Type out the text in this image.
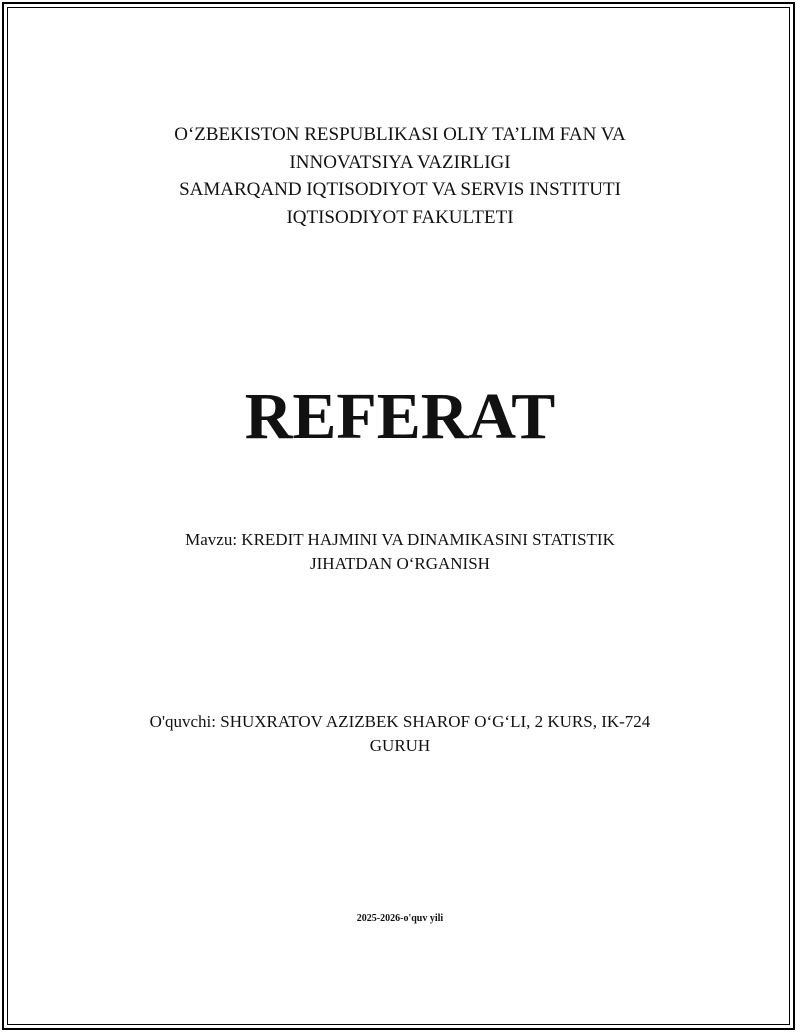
O‘ZBEKISTON RESPUBLIKASI OLIY TA’LIM FAN VA
INNOVATSIYA VAZIRLIGI
SAMARQAND IQTISODIYOT VA SERVIS INSTITUTI
IQTISODIYOT FAKULTETI
REFERAT
Mavzu: KREDIT HAJMINI VA DINAMIKASINI STATISTIK
JIHATDAN O‘RGANISH
O'quvchi: SHUXRATOV AZIZBEK SHAROF O‘G‘LI, 2 KURS, IK-724
GURUH
2025-2026-o'quv yili
